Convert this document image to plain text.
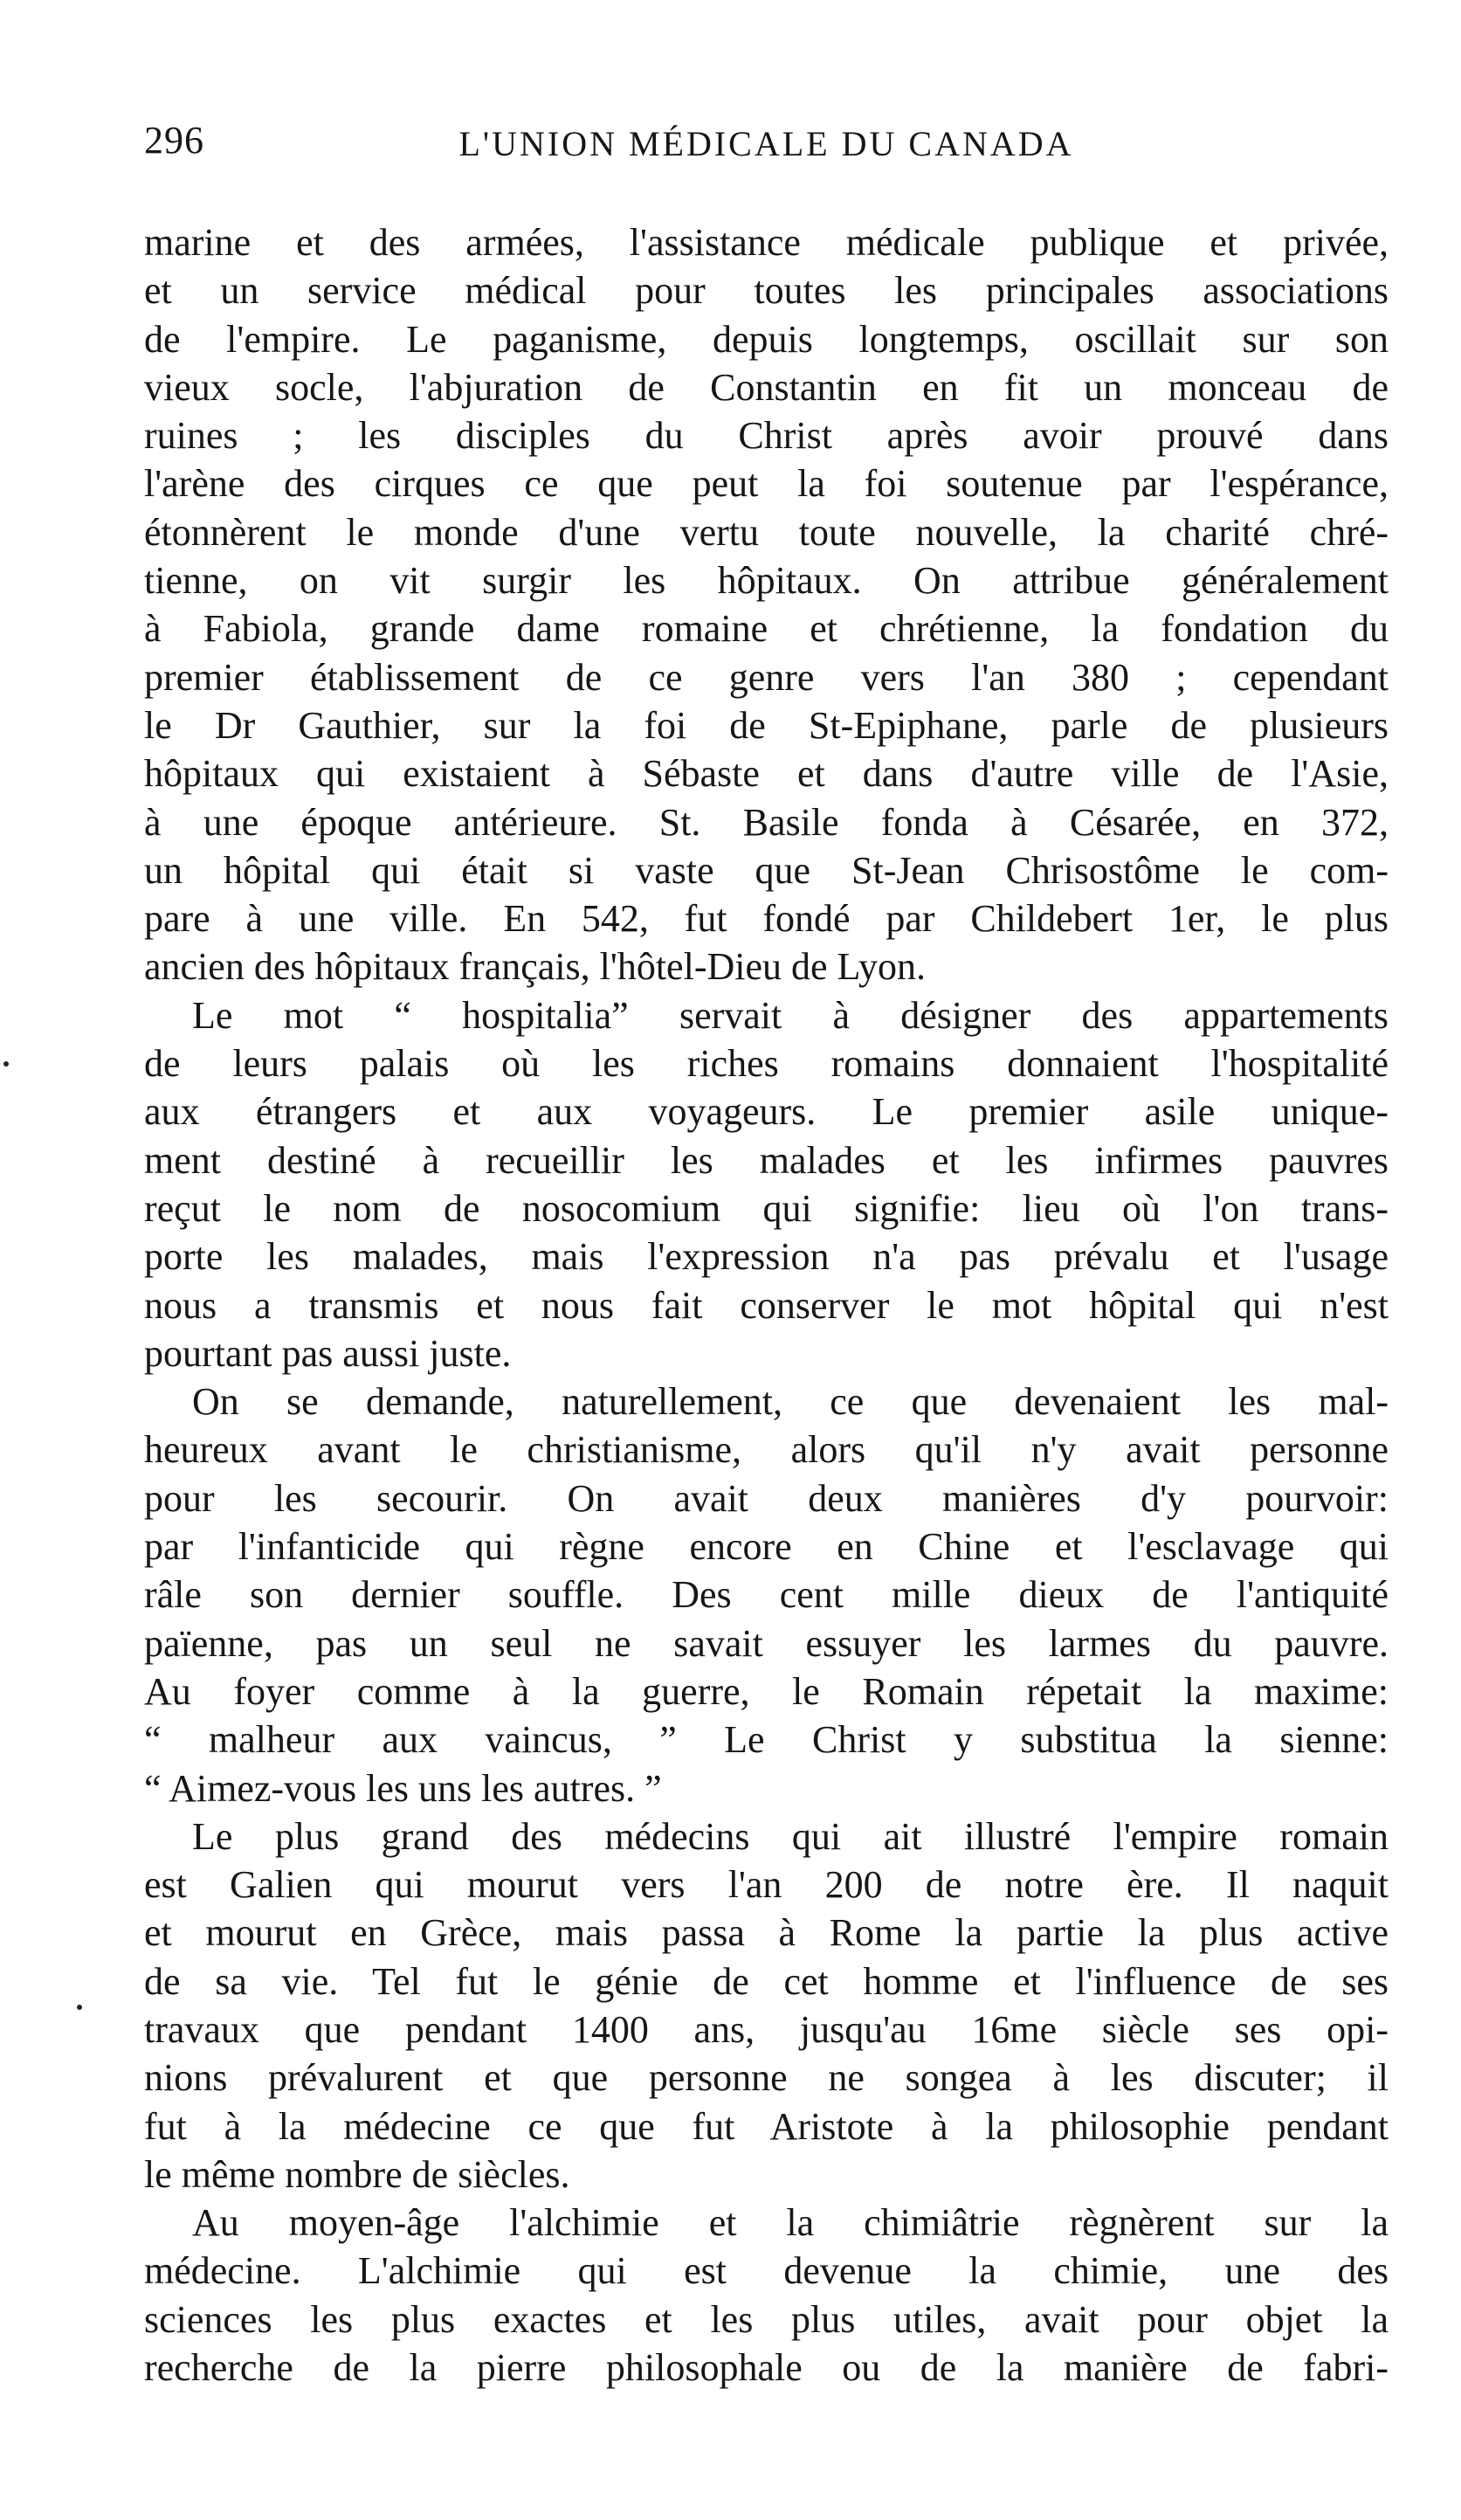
296	L'UNION MÉDICALE DU CANADA
marine et des armées, l'assistance médicale publique et privée,
et un service médical pour toutes les principales associations
de l'empire. Le paganisme, depuis longtemps, oscillait sur son
vieux socle, l'abjuration de Constantin en fit un monceau de
ruines ; les disciples du Christ après avoir prouvé dans
l'arène des cirques ce que peut la foi soutenue par l'espérance,
étonnèrent le monde d'une vertu toute nouvelle, la charité chré-
tienne, on vit surgir les hôpitaux. On attribue généralement
à Fabiola, grande dame romaine et chrétienne, la fondation du
premier établissement de ce genre vers l'an 380 ; cependant
le Dr Gauthier, sur la foi de St-Epiphane, parle de plusieurs
hôpitaux qui existaient à Sébaste et dans d'autre ville de l'Asie,
à une époque antérieure. St. Basile fonda à Césarée, en 372,
un hôpital qui était si vaste que St-Jean Chrisostôme le com-
pare à une ville. En 542, fut fondé par Childebert 1er, le plus
ancien des hôpitaux français, l'hôtel-Dieu de Lyon.
Le mot “ hospitalia” servait à désigner des appartements
de leurs palais où les riches romains donnaient l'hospitalité
aux étrangers et aux voyageurs. Le premier asile unique-
ment destiné à recueillir les malades et les infirmes pauvres
reçut le nom de nosocomium qui signifie: lieu où l'on trans-
porte les malades, mais l'expression n'a pas prévalu et l'usage
nous a transmis et nous fait conserver le mot hôpital qui n'est
pourtant pas aussi juste.
On se demande, naturellement, ce que devenaient les mal-
heureux avant le christianisme, alors qu'il n'y avait personne
pour les secourir. On avait deux manières d'y pourvoir:
par l'infanticide qui règne encore en Chine et l'esclavage qui
râle son dernier souffle. Des cent mille dieux de l'antiquité
païenne, pas un seul ne savait essuyer les larmes du pauvre.
Au foyer comme à la guerre, le Romain répetait la maxime:
“ malheur aux vaincus, ” Le Christ y substitua la sienne:
“ Aimez-vous les uns les autres. ”
Le plus grand des médecins qui ait illustré l'empire romain
est Galien qui mourut vers l'an 200 de notre ère. Il naquit
et mourut en Grèce, mais passa à Rome la partie la plus active
de sa vie. Tel fut le génie de cet homme et l'influence de ses
travaux que pendant 1400 ans, jusqu'au 16me siècle ses opi-
nions prévalurent et que personne ne songea à les discuter; il
fut à la médecine ce que fut Aristote à la philosophie pendant
le même nombre de siècles.
Au moyen-âge l'alchimie et la chimiâtrie règnèrent sur la
médecine. L'alchimie qui est devenue la chimie, une des
sciences les plus exactes et les plus utiles, avait pour objet la
recherche de la pierre philosophale ou de la manière de fabri-
